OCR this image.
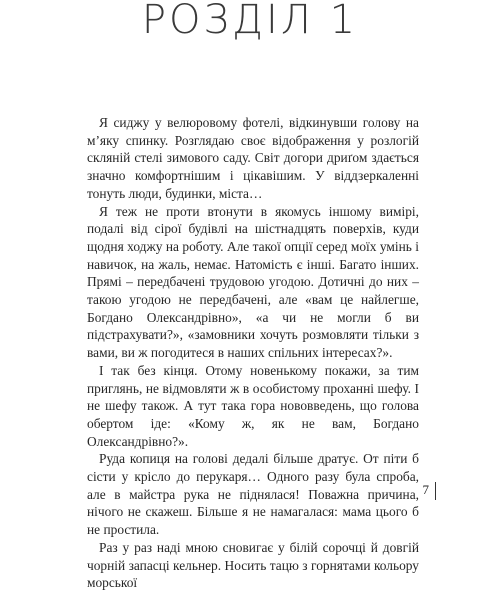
РОЗДІЛ 1

Я сиджу у велюровому фотелі, відкинувши голову на м’яку спинку. Розглядаю своє відображення у розлогій скляній стелі зимового саду. Світ догори дриґом здається значно комфортнішим і цікавішим. У віддзеркаленні тонуть люди, будинки, міста…

Я теж не проти втонути в якомусь іншому вимірі, подалі від сірої будівлі на шістнадцять поверхів, куди щодня ходжу на роботу. Але такої опції серед моїх умінь і навичок, на жаль, немає. Натомість є інші. Багато інших. Прямі – передбачені трудовою угодою. Дотичні до них – такою угодою не передбачені, але «вам це найлегше, Богдано Олександрівно», «а чи не могли б ви підстрахувати?», «замовники хочуть розмовляти тільки з вами, ви ж погодитеся в наших спільних інтересах?».

І так без кінця. Отому новенькому покажи, за тим приглянь, не відмовляти ж в особистому проханні шефу. І не шефу також. А тут така гора нововведень, що голова обертом іде: «Кому ж, як не вам, Богдано Олександрівно?».

Руда копиця на голові дедалі більше дратує. От піти б сісти у крісло до перукаря… Одного разу була спроба, але в майстра рука не піднялася! Поважна причина, нічого не скажеш. Більше я не намагалася: мама цього б не простила.

Раз у раз наді мною сновигає у білій сорочці й довгій чорній запасці кельнер. Носить тацю з горнятами кольору морської

7
